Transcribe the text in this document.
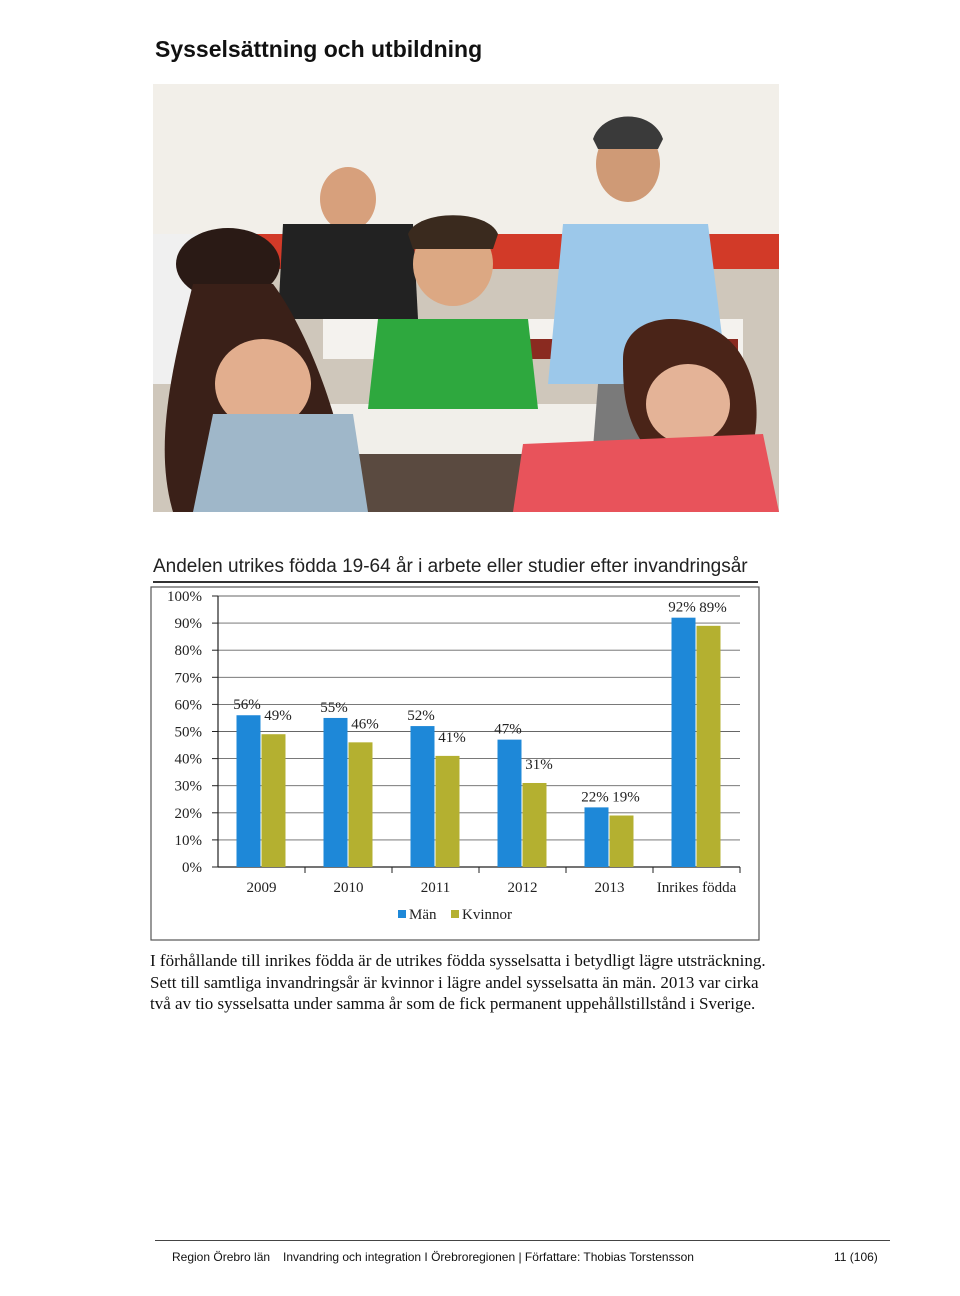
Sysselsättning och utbildning
Andelen utrikes födda 19-64 år i arbete eller studier efter invandringsår
0%
10%
20%
30%
40%
50%
60%
70%
80%
90%
100%
56%
49%
55%
46%
52%
41%
47%
31%
22% 19%
92% 89%
2009	2010	2011	2012	2013 Inrikes födda
Män Kvinnor
I förhållande till inrikes födda är de utrikes födda sysselsatta i betydligt lägre utsträckning. Sett till samtliga invandringsår är kvinnor i lägre andel sysselsatta än män. 2013 var cirka två av tio sysselsatta under samma år som de fick permanent uppehållstillstånd i Sverige.
Region Örebro län Invandring och integration I Örebroregionen | Författare: Thobias Torstensson	11 (106)
